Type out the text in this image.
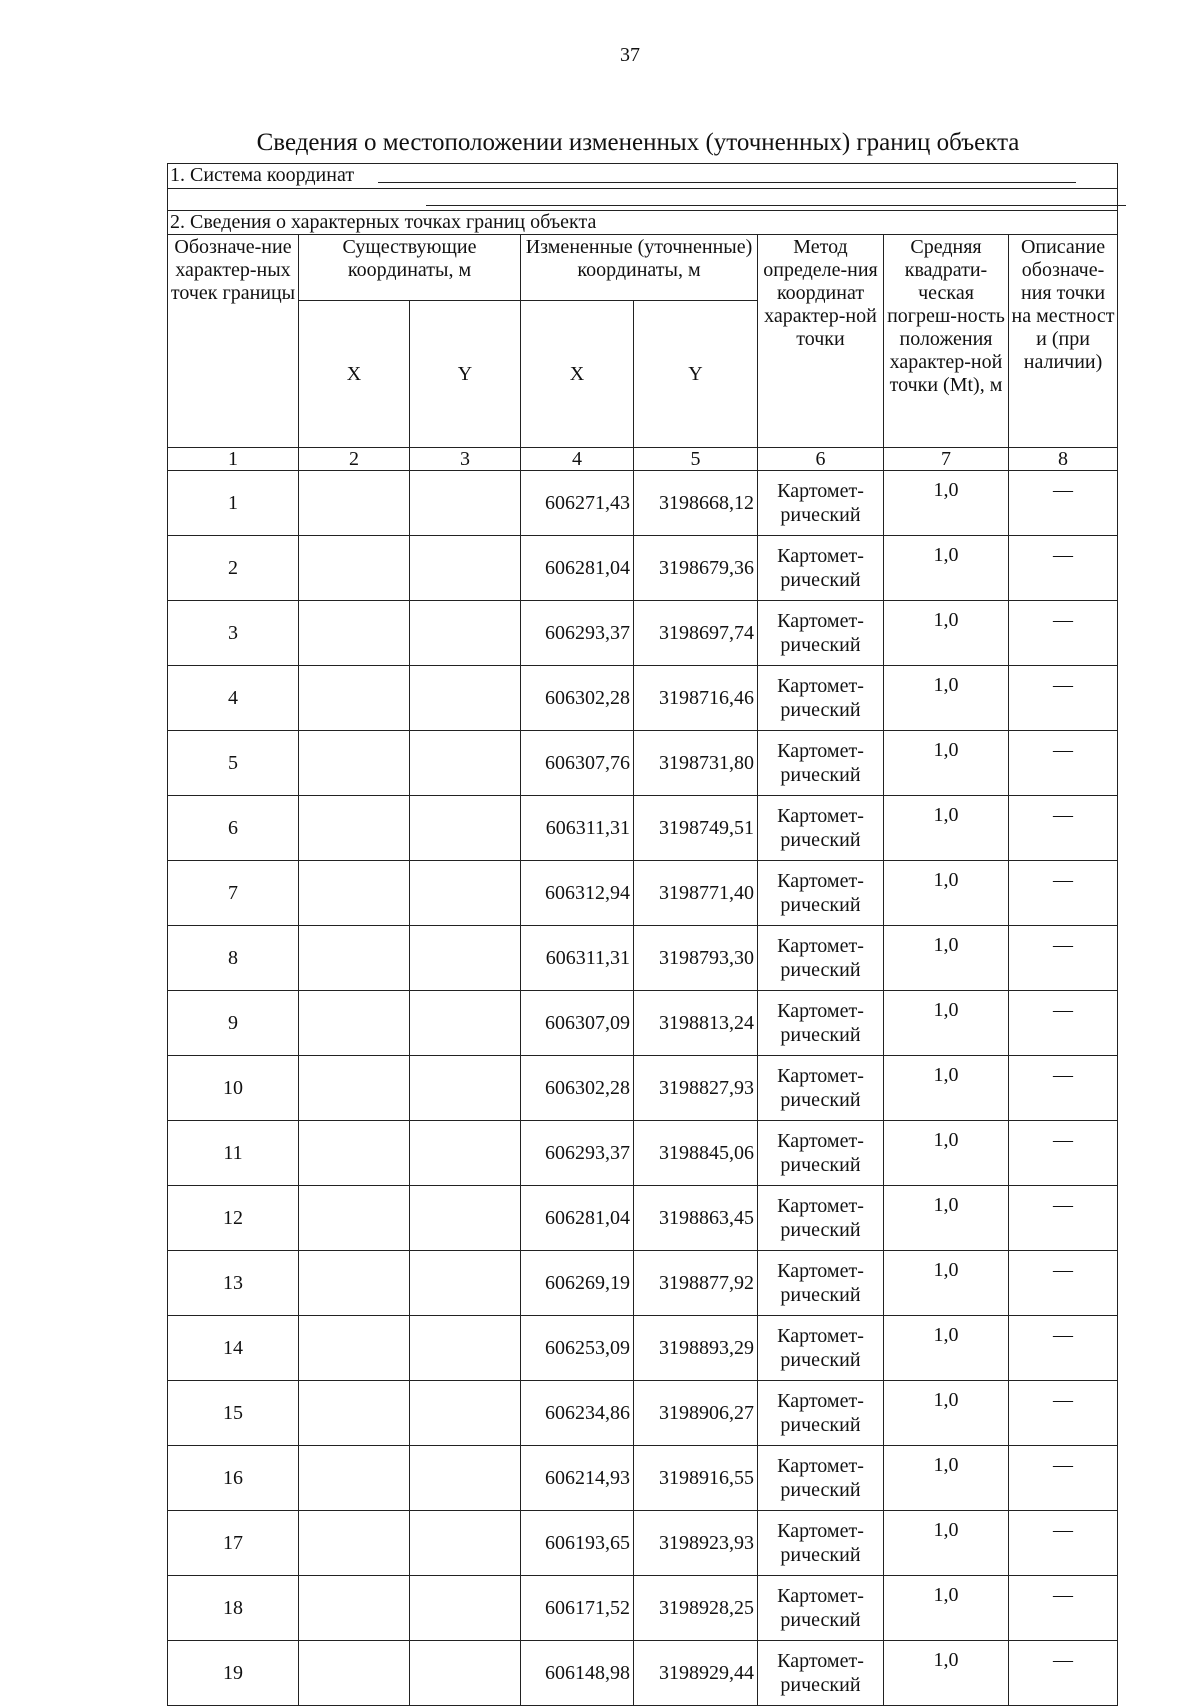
37
Сведения о местоположении измененных (уточненных) границ объекта
1. Система координат							

2. Сведения о характерных точках границ объекта							
Обозначе-ние характер-ных точек границы	Существующие координаты, м		Измененные (уточненные) координаты, м		Метод определе-ния координат характер-ной точки	Средняя квадрати-ческая погреш-ность положения характер-ной точки (Mt), м	Описание обозначе-ния точки на местност и (при наличии)
	X	Y	X	Y			
1	2	3	4	5	6	7	8
1			606271,43	3198668,12	Картомет-рический	1,0	—
2			606281,04	3198679,36	Картомет-рический	1,0	—
3			606293,37	3198697,74	Картомет-рический	1,0	—
4			606302,28	3198716,46	Картомет-рический	1,0	—
5			606307,76	3198731,80	Картомет-рический	1,0	—
6			606311,31	3198749,51	Картомет-рический	1,0	—
7			606312,94	3198771,40	Картомет-рический	1,0	—
8			606311,31	3198793,30	Картомет-рический	1,0	—
9			606307,09	3198813,24	Картомет-рический	1,0	—
10			606302,28	3198827,93	Картомет-рический	1,0	—
11			606293,37	3198845,06	Картомет-рический	1,0	—
12			606281,04	3198863,45	Картомет-рический	1,0	—
13			606269,19	3198877,92	Картомет-рический	1,0	—
14			606253,09	3198893,29	Картомет-рический	1,0	—
15			606234,86	3198906,27	Картомет-рический	1,0	—
16			606214,93	3198916,55	Картомет-рический	1,0	—
17			606193,65	3198923,93	Картомет-рический	1,0	—
18			606171,52	3198928,25	Картомет-рический	1,0	—
19			606148,98	3198929,44	Картомет-рический	1,0	—
